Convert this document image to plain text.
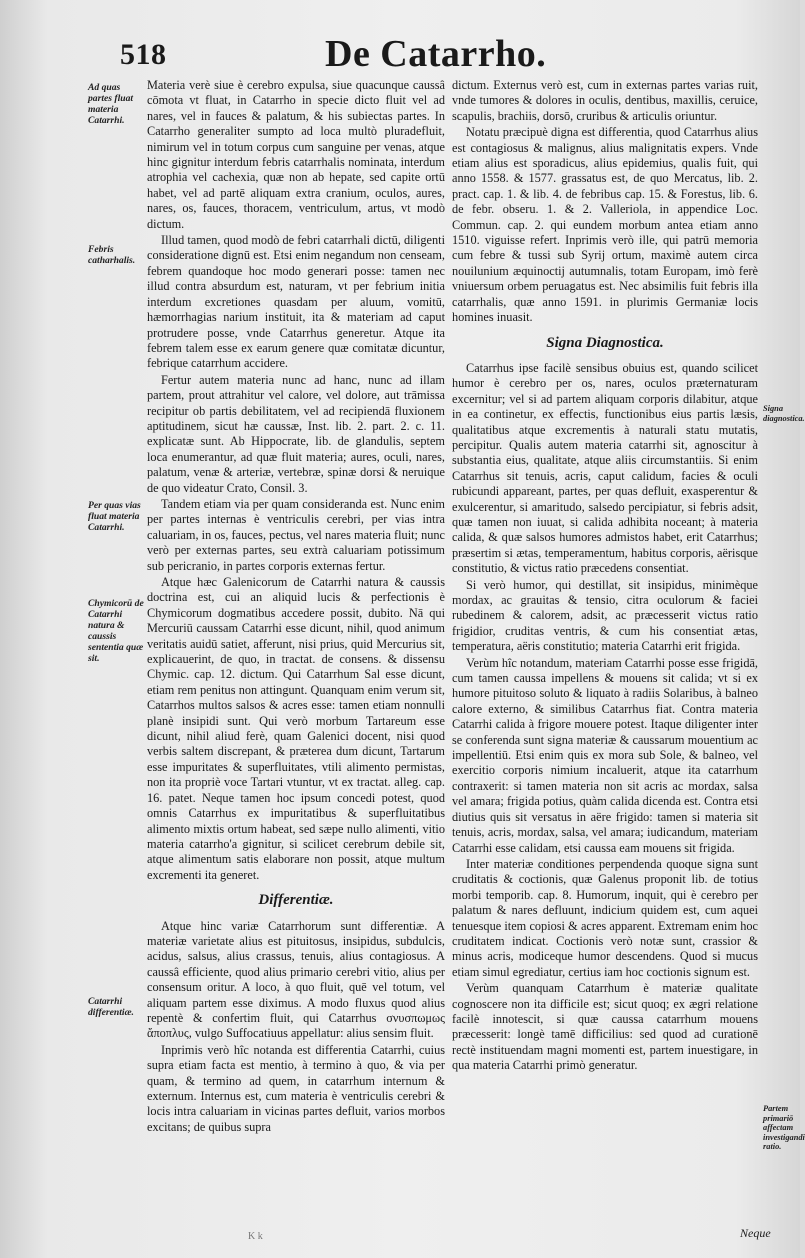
518	De Catarrho.
Ad quas partes fluat materia Catarrhi.
Febris catharhalis.
Per quas vias fluat materia Catarrhi.
Chymicorū de Catarrhi natura & caussis sententia quæ sit.
Catarrhi differentiæ.
Signa diagnostica.
Partem primariō affectam investigandi ratio.

Materia verè siue è cerebro expulsa, siue quacunque caussâ cōmota vt fluat, in Catarrho in specie dicto fluit vel ad nares, vel in fauces & palatum, & his subiectas partes. In Catarrho generaliter sumpto ad loca multò pluradefluit, nimirum vel in totum corpus cum sanguine per venas, atque hinc gignitur interdum febris catarrhalis nominata, interdum atrophia vel cachexia, quæ non ab hepate, sed capite ortū habet, vel ad partē aliquam extra cranium, oculos, aures, nares, os, fauces, thoracem, ventriculum, artus, vt modò dictum.

Illud tamen, quod modò de febri catarrhali dictū, diligenti consideratione dignū est. Etsi enim negandum non censeam, febrem quandoque hoc modo generari posse: tamen nec illud contra absurdum est, naturam, vt per febrium initia interdum excretiones quasdam per aluum, vomitū, hæmorrhagias narium instituit, ita & materiam ad caput protrudere posse, vnde Catarrhus generetur. Atque ita febrem talem esse ex earum genere quæ comitatæ dicuntur, febrique catarrhum accidere.

Fertur autem materia nunc ad hanc, nunc ad illam partem, prout attrahitur vel calore, vel dolore, aut trāmissa recipitur ob partis debilitatem, vel ad recipiendā fluxionem aptitudinem, sicut hæ caussæ, Inst. lib. 2. part. 2. c. 11. explicatæ sunt. Ab Hippocrate, lib. de glandulis, septem loca enumerantur, ad quæ fluit materia; aures, oculi, nares, palatum, venæ & arteriæ, vertebræ, spinæ dorsi & neruique de quo videatur Crato, Consil. 3.

Tandem etiam via per quam consideranda est. Nunc enim per partes internas è ventriculis cerebri, per vias intra caluariam, in os, fauces, pectus, vel nares materia fluit; nunc verò per externas partes, seu extrà caluariam potissimum sub pericranio, in partes corporis externas fertur.

Atque hæc Galenicorum de Catarrhi natura & caussis doctrina est, cui an aliquid lucis & perfectionis è Chymicorum dogmatibus accedere possit, dubito. Nā qui Mercuriū caussam Catarrhi esse dicunt, nihil, quod animum veritatis auidū satiet, afferunt, nisi prius, quid Mercurius sit, explicauerint, de quo, in tractat. de consens. & dissensu Chymic. cap. 12. dictum. Qui Catarrhum Sal esse dicunt, etiam rem penitus non attingunt. Quanquam enim verum sit, Catarrhos multos salsos & acres esse: tamen etiam nonnulli planè insipidi sunt. Qui verò morbum Tartareum esse dicunt, nihil aliud ferè, quam Galenici docent, nisi quod verbis saltem discrepant, & præterea dum dicunt, Tartarum esse impuritates & superfluitates, vtili alimento permistas, non ita propriè voce Tartari vtuntur, vt ex tractat. alleg. cap. 16. patet. Neque tamen hoc ipsum concedi potest, quod omnis Catarrhus ex impuritatibus & superfluitatibus alimento mixtis ortum habeat, sed sæpe nullo alimenti, vitio materia catarrho'a gignitur, si scilicet cerebrum debile sit, atque alimentum satis elaborare non possit, atque multum excrementi ita generet.

Differentiæ.

Atque hinc variæ Catarrhorum sunt differentiæ. A materiæ varietate alius est pituitosus, insipidus, subdulcis, acidus, salsus, alius crassus, tenuis, alius contagiosus. A caussâ efficiente, quod alius primario cerebri vitio, alius per consensum oritur. A loco, à quo fluit, quē vel totum, vel aliquam partem esse diximus. A modo fluxus quod alius repentè & confertim fluit, qui Catarrhus σνυσπωμως ἄποπλυς, vulgo Suffocatiuus appellatur: alius sensim fluit.

Inprimis verò hîc notanda est differentia Catarrhi, cuius supra etiam facta est mentio, à termino à quo, & via per quam, & termino ad quem, in catarrhum internum & externum. Internus est, cum materia è ventriculis cerebri & locis intra caluariam in vicinas partes defluit, varios morbos excitans; de quibus supra

dictum. Externus verò est, cum in externas partes varias ruit, vnde tumores & dolores in oculis, dentibus, maxillis, ceruice, scapulis, brachiis, dorsō, cruribus & articulis oriuntur.

Notatu præcipuè digna est differentia, quod Catarrhus alius est contagiosus & malignus, alius malignitatis expers. Vnde etiam alius est sporadicus, alius epidemius, qualis fuit, qui anno 1558. & 1577. grassatus est, de quo Mercatus, lib. 2. pract. cap. 1. & lib. 4. de febribus cap. 15. & Forestus, lib. 6. de febr. obseru. 1. & 2. Valleriola, in appendice Loc. Commun. cap. 2. qui eundem morbum antea etiam anno 1510. viguisse refert. Inprimis verò ille, qui patrū memoria cum febre & tussi sub Syrij ortum, maximè autem circa nouilunium æquinoctij autumnalis, totam Europam, imò ferè vniuersum orbem peruagatus est. Nec absimilis fuit febris illa catarrhalis, quæ anno 1591. in plurimis Germaniæ locis homines inuasit.

Signa Diagnostica.

Catarrhus ipse facilè sensibus obuius est, quando scilicet humor è cerebro per os, nares, oculos præternaturam excernitur; vel si ad partem aliquam corporis dilabitur, atque in ea continetur, ex effectis, functionibus eius partis læsis, qualitatibus atque excrementis à naturali statu mutatis, percipitur. Qualis autem materia catarrhi sit, agnoscitur à substantia eius, qualitate, atque aliis circumstantiis. Si enim Catarrhus sit tenuis, acris, caput calidum, facies & oculi rubicundi appareant, partes, per quas defluit, exasperentur & exulcerentur, si amaritudo, salsedo percipiatur, si febris adsit, quæ tamen non iuuat, si calida adhibita noceant; à materia calida, & quæ salsos humores admistos habet, erit Catarrhus; præsertim si ætas, temperamentum, habitus corporis, aërisque constitutio, & victus ratio præcedens consentiat.

Si verò humor, qui destillat, sit insipidus, minimèque mordax, ac grauitas & tensio, citra oculorum & faciei rubedinem & calorem, adsit, ac præcesserit victus ratio frigidior, cruditas ventris, & cum his consentiat ætas, temperatura, aëris constitutio; materia Catarrhi erit frigida.

Verùm hîc notandum, materiam Catarrhi posse esse frigidā, cum tamen caussa impellens & mouens sit calida; vt si ex humore pituitoso soluto & liquato à radiis Solaribus, à balneo calore externo, & similibus Catarrhus fiat. Contra materia Catarrhi calida à frigore mouere potest. Itaque diligenter inter se conferenda sunt signa materiæ & caussarum mouentium ac impellentiū. Etsi enim quis ex mora sub Sole, & balneo, vel exercitio corporis nimium incaluerit, atque ita catarrhum contraxerit: si tamen materia non sit acris ac mordax, salsa vel amara; frigida potius, quàm calida dicenda est. Contra etsi diutius quis sit versatus in aëre frigido: tamen si materia sit tenuis, acris, mordax, salsa, vel amara; iudicandum, materiam Catarrhi esse calidam, etsi caussa eam mouens sit frigida.

Inter materiæ conditiones perpendenda quoque signa sunt cruditatis & coctionis, quæ Galenus proponit lib. de totius morbi temporib. cap. 8. Humorum, inquit, qui è cerebro per palatum & nares defluunt, indicium quidem est, cum aquei tenuesque item copiosi & acres apparent. Extremam enim hoc cruditatem indicat. Coctionis verò notæ sunt, crassior & minus acris, modiceque humor descendens. Quod si mucus etiam simul egrediatur, certius iam hoc coctionis signum est.

Verùm quanquam Catarrhum è materiæ qualitate cognoscere non ita difficile est; sicut quoq; ex ægri relatione facilè innotescit, si quæ caussa catarrhum mouens præcesserit: longè tamē difficilius: sed quod ad curationē rectè instituendam magni momenti est, partem inuestigare, in qua materia Catarrhi primò generatur.

K k	Neque
